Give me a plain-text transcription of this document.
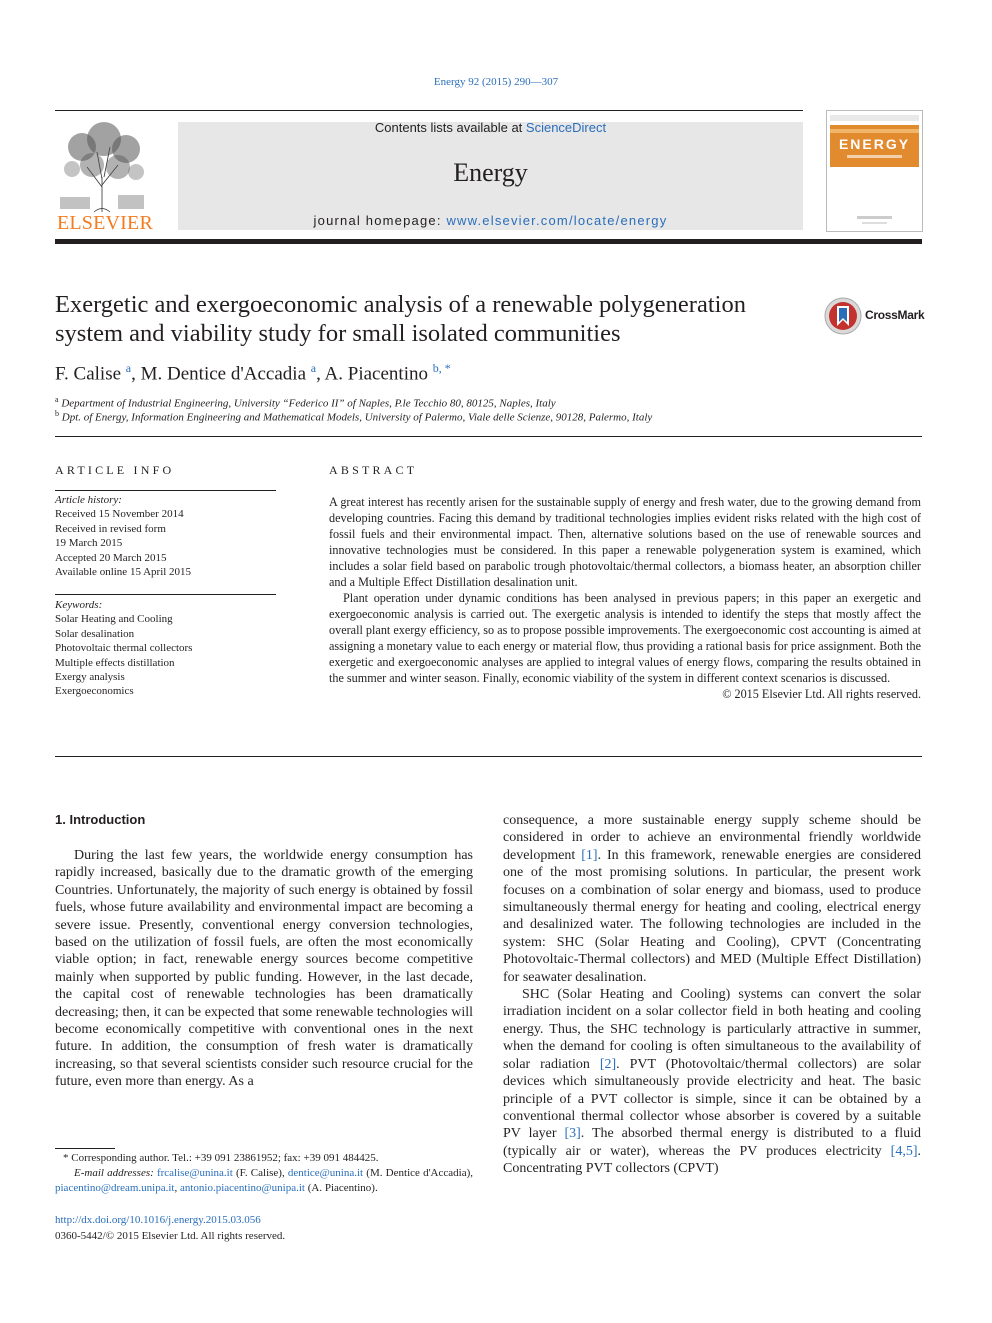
Energy 92 (2015) 290—307
ELSEVIER
Contents lists available at ScienceDirect
Energy
journal homepage: www.elsevier.com/locate/energy
ENERGY
Exergetic and exergoeconomic analysis of a renewable polygeneration system and viability study for small isolated communities
CrossMark
F. Calise $^a$, M. Dentice d'Accadia $^a$, A. Piacentino $^{b, *}$
$^a$ Department of Industrial Engineering, University “Federico II” of Naples, P.le Tecchio 80, 80125, Naples, Italy
$^b$ Dpt. of Energy, Information Engineering and Mathematical Models, University of Palermo, Viale delle Scienze, 90128, Palermo, Italy
ARTICLE INFO
Article history:
Received 15 November 2014
Received in revised form
19 March 2015
Accepted 20 March 2015
Available online 15 April 2015
Keywords:
Solar Heating and Cooling
Solar desalination
Photovoltaic thermal collectors
Multiple effects distillation
Exergy analysis
Exergoeconomics
ABSTRACT

A great interest has recently arisen for the sustainable supply of energy and fresh water, due to the growing demand from developing countries. Facing this demand by traditional technologies implies evident risks related with the high cost of fossil fuels and their environmental impact. Then, alternative solutions based on the use of renewable sources and innovative technologies must be considered. In this paper a renewable polygeneration system is examined, which includes a solar field based on parabolic trough photovoltaic/thermal collectors, a biomass heater, an absorption chiller and a Multiple Effect Distillation desalination unit.

Plant operation under dynamic conditions has been analysed in previous papers; in this paper an exergetic and exergoeconomic analysis is carried out. The exergetic analysis is intended to identify the steps that mostly affect the overall plant exergy efficiency, so as to propose possible improvements. The exergoeconomic cost accounting is aimed at assigning a monetary value to each energy or material flow, thus providing a rational basis for price assignment. Both the exergetic and exergoeconomic analyses are applied to integral values of energy flows, comparing the results obtained in the summer and winter season. Finally, economic viability of the system in different context scenarios is discussed.

© 2015 Elsevier Ltd. All rights reserved.

1. Introduction

During the last few years, the worldwide energy consumption has rapidly increased, basically due to the dramatic growth of the emerging Countries. Unfortunately, the majority of such energy is obtained by fossil fuels, whose future availability and environmental impact are becoming a severe issue. Presently, conventional energy conversion technologies, based on the utilization of fossil fuels, are often the most economically viable option; in fact, renewable energy sources become competitive mainly when supported by public funding. However, in the last decade, the capital cost of renewable technologies has been dramatically decreasing; then, it can be expected that some renewable technologies will become economically competitive with conventional ones in the next future. In addition, the consumption of fresh water is dramatically increasing, so that several scientists consider such resource crucial for the future, even more than energy. As a

consequence, a more sustainable energy supply scheme should be considered in order to achieve an environmental friendly worldwide development [1]. In this framework, renewable energies are considered one of the most promising solutions. In particular, the present work focuses on a combination of solar energy and biomass, used to produce simultaneously thermal energy for heating and cooling, electrical energy and desalinized water. The following technologies are included in the system: SHC (Solar Heating and Cooling), CPVT (Concentrating Photovoltaic-Thermal collectors) and MED (Multiple Effect Distillation) for seawater desalination.

SHC (Solar Heating and Cooling) systems can convert the solar irradiation incident on a solar collector field in both heating and cooling energy. Thus, the SHC technology is particularly attractive in summer, when the demand for cooling is often simultaneous to the availability of solar radiation [2]. PVT (Photovoltaic/thermal collectors) are solar devices which simultaneously provide electricity and heat. The basic principle of a PVT collector is simple, since it can be obtained by a conventional thermal collector whose absorber is covered by a suitable PV layer [3]. The absorbed thermal energy is distributed to a fluid (typically air or water), whereas the PV produces electricity [4,5]. Concentrating PVT collectors (CPVT)

* Corresponding author. Tel.: +39 091 23861952; fax: +39 091 484425.
E-mail addresses: frcalise@unina.it (F. Calise), dentice@unina.it (M. Dentice d'Accadia), piacentino@dream.unipa.it, antonio.piacentino@unipa.it (A. Piacentino).
http://dx.doi.org/10.1016/j.energy.2015.03.056
0360-5442/© 2015 Elsevier Ltd. All rights reserved.
